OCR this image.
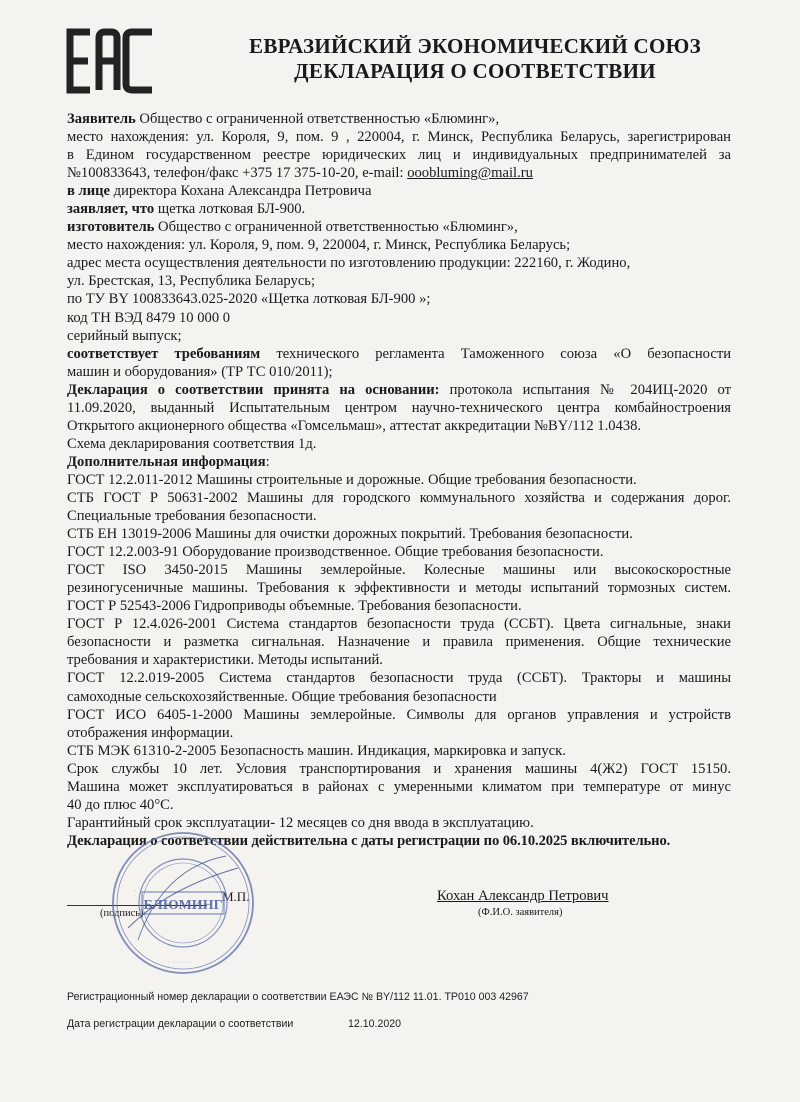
ЕВРАЗИЙСКИЙ ЭКОНОМИЧЕСКИЙ СОЮЗ
ДЕКЛАРАЦИЯ О СООТВЕТСТВИИ
Заявитель Общество с ограниченной ответственностью «Блюминг»,
место нахождения: ул. Короля, 9, пом. 9 , 220004, г. Минск, Республика Беларусь, зарегистрирован
в Едином государственном реестре юридических лиц и индивидуальных предпринимателей за
№100833643, телефон/факс +375 17 375-10-20, e-mail: ooobluming@mail.ru
в лице директора Кохана Александра Петровича
заявляет, что щетка лотковая БЛ-900.
изготовитель Общество с ограниченной ответственностью «Блюминг»,
место нахождения: ул. Короля, 9, пом. 9, 220004, г. Минск, Республика Беларусь;
адрес места осуществления деятельности по изготовлению продукции: 222160, г. Жодино,
ул. Брестская, 13, Республика Беларусь;
по ТУ BY 100833643.025-2020 «Щетка лотковая БЛ-900 »;
код ТН ВЭД 8479 10 000 0
серийный выпуск;
соответствует требованиям технического регламента Таможенного союза «О безопасности
машин и оборудования» (ТР ТС 010/2011);
Декларация о соответствии принята на основании: протокола испытания № 204ИЦ-2020 от
11.09.2020, выданный Испытательным центром научно-технического центра комбайностроения
Открытого акционерного общества «Гомсельмаш», аттестат аккредитации №BY/112 1.0438.
Схема декларирования соответствия 1д.
Дополнительная информация:
ГОСТ 12.2.011-2012 Машины строительные и дорожные. Общие требования безопасности.
СТБ ГОСТ Р 50631-2002 Машины для городского коммунального хозяйства и содержания дорог.
Специальные требования безопасности.
СТБ ЕН 13019-2006 Машины для очистки дорожных покрытий. Требования безопасности.
ГОСТ 12.2.003-91 Оборудование производственное. Общие требования безопасности.
ГОСТ ISO 3450-2015 Машины землеройные. Колесные машины или высокоскоростные
резиногусеничные машины. Требования к эффективности и методы испытаний тормозных систем.
ГОСТ Р 52543-2006 Гидроприводы объемные. Требования безопасности.
ГОСТ Р 12.4.026-2001 Система стандартов безопасности труда (ССБТ). Цвета сигнальные, знаки
безопасности и разметка сигнальная. Назначение и правила применения. Общие технические
требования и характеристики. Методы испытаний.
ГОСТ 12.2.019-2005 Система стандартов безопасности труда (ССБТ). Тракторы и машины
самоходные сельскохозяйственные. Общие требования безопасности
ГОСТ ИСО 6405-1-2000 Машины землеройные. Символы для органов управления и устройств
отображения информации.
СТБ МЭК 61310-2-2005 Безопасность машин. Индикация, маркировка и запуск.
Срок службы 10 лет. Условия транспортирования и хранения машины 4(Ж2) ГОСТ 15150.
Машина может эксплуатироваться в районах с умеренными климатом при температуре от минус
40 до плюс 40°С.
Гарантийный срок эксплуатации- 12 месяцев со дня ввода в эксплуатацию.
Декларация о соответствии действительна с даты регистрации по 06.10.2025 включительно.
(подпись)
М.П.	Кохан Александр Петрович
(Ф.И.О. заявителя)
БЛЮМИНГ
· · · · · · · · ·
· · · · · ·
Регистрационный номер декларации о соответствии ЕАЭС № BY/112 11.01. ТР010 003 42967
Дата регистрации декларации о соответствии	12.10.2020
